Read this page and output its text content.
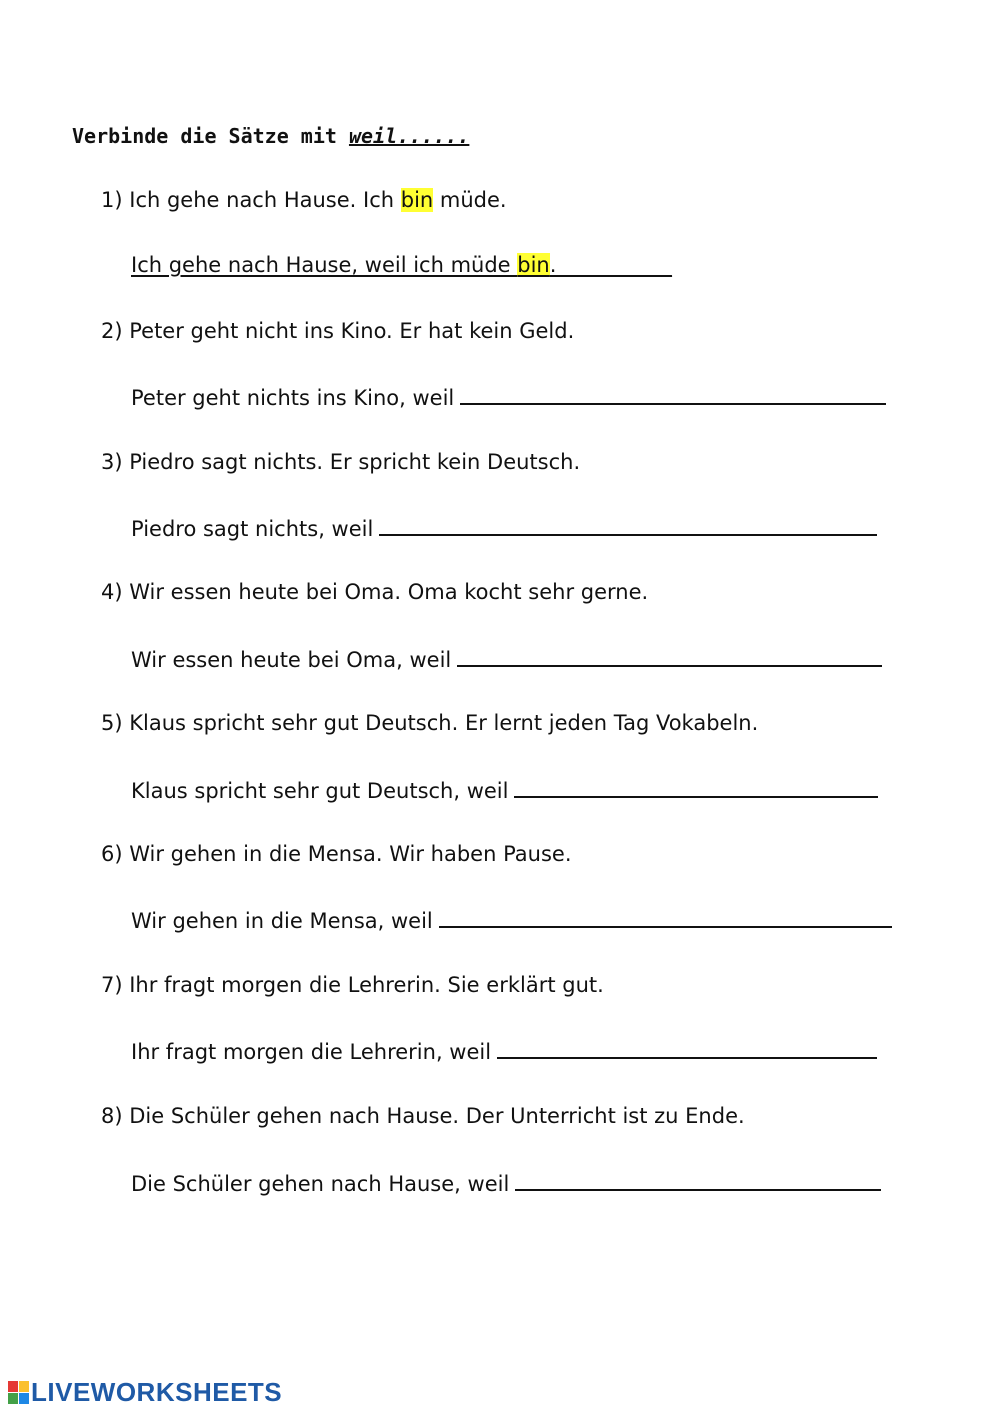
Verbinde die Sätze mit weil......
1) Ich gehe nach Hause. Ich bin müde.
Ich gehe nach Hause, weil ich müde bin.___________
2) Peter geht nicht ins Kino. Er hat kein Geld.
Peter geht nichts ins Kino, weil
3) Piedro sagt nichts. Er spricht kein Deutsch.
Piedro sagt nichts, weil
4) Wir essen heute bei Oma. Oma kocht sehr gerne.
Wir essen heute bei Oma, weil
5) Klaus spricht sehr gut Deutsch. Er lernt jeden Tag Vokabeln.
Klaus spricht sehr gut Deutsch, weil
6) Wir gehen in die Mensa. Wir haben Pause.
Wir gehen in die Mensa, weil
7) Ihr fragt morgen die Lehrerin. Sie erklärt gut.
Ihr fragt morgen die Lehrerin, weil
8) Die Schüler gehen nach Hause. Der Unterricht ist zu Ende.
Die Schüler gehen nach Hause, weil
LIVEWORKSHEETS
